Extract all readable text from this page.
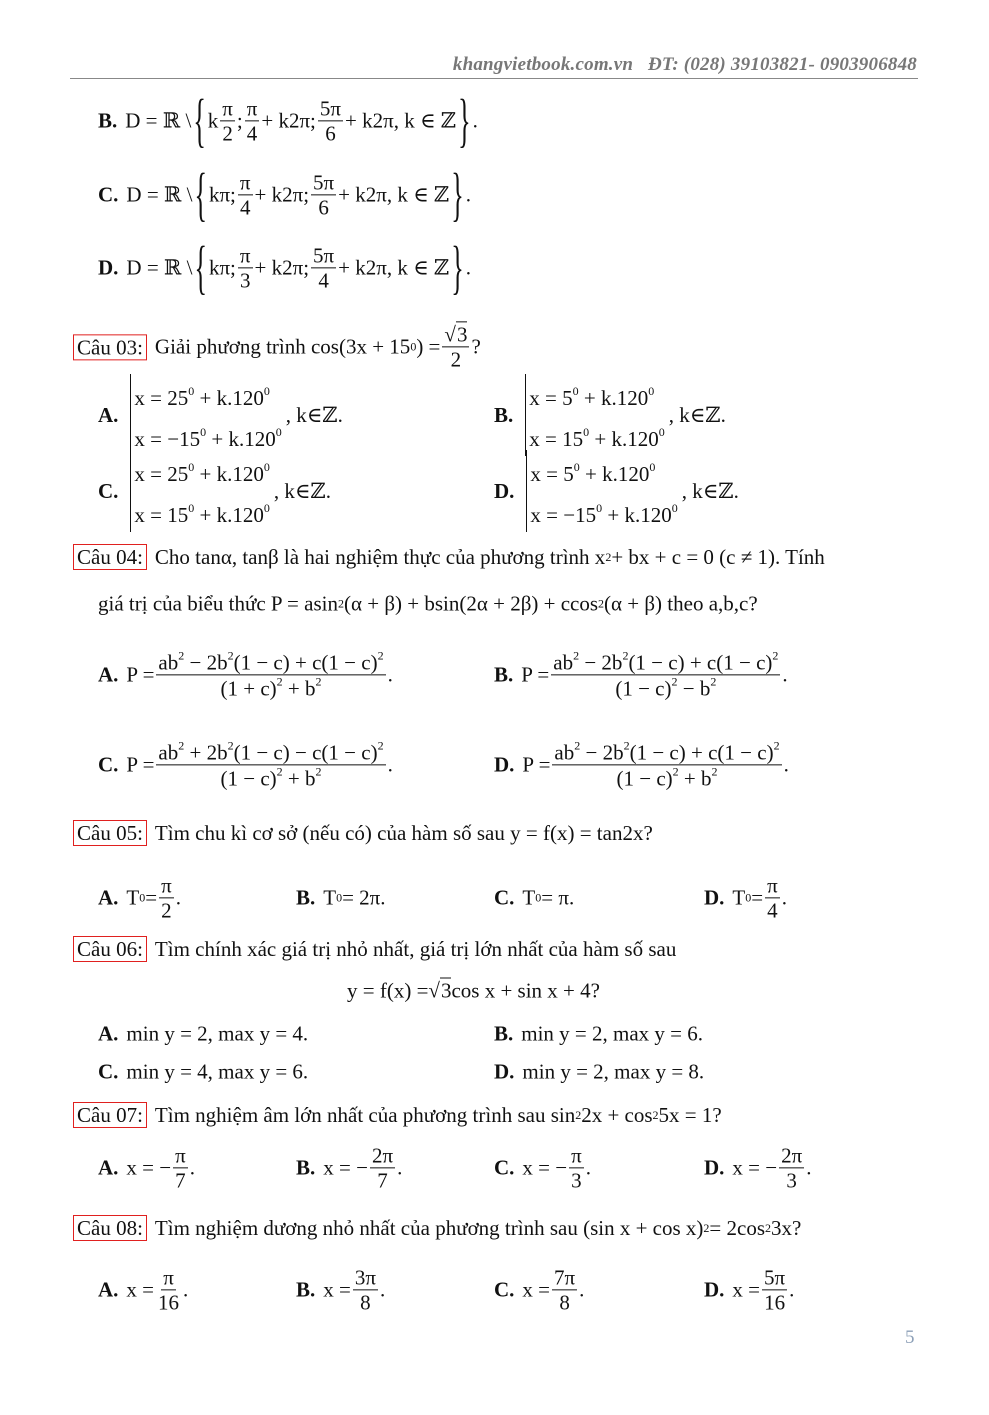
khangvietbook.com.vn ĐT: (028) 39103821- 0903906848
B. D = ℝ \ { k $\frac{\pi}{2}$ ; $\frac{\pi}{4} + k2\pi$; $\frac{5\pi}{6} + k2\pi$, k ∈ ℤ } .
C. D = ℝ \ { kπ; $\frac{\pi}{4} + k2\pi$; $\frac{5\pi}{6} + k2\pi$, k ∈ ℤ } .
D. D = ℝ \ { kπ; $\frac{\pi}{3} + k2\pi$; $\frac{5\pi}{4} + k2\pi$, k ∈ ℤ } .
Câu 03: Giải phương trình cos(3x + 15 0 ) = $\frac{√3}{2}$ ?
A.
$x = 25^0 + k.120^0$
$x = -15^0 + k.120^0$
, k∈ℤ.	B.
$x = 5^0 + k.120^0$
$x = 15^0 + k.120^0$
, k∈ℤ.
C.
$x = 25^0 + k.120^0$
$x = 15^0 + k.120^0$
, k∈ℤ.	D.
$x = 5^0 + k.120^0$
$x = -15^0 + k.120^0$
, k∈ℤ.
Câu 04: Cho tanα, tanβ là hai nghiệm thực của phương trình x 2 + bx + c = 0 (c ≠ 1). Tính
giá trị của biểu thức P = asin 2 (α + β) + bsin(2α + 2β) + ccos 2 (α + β) theo a,b,c?
A. $P = \frac{ab^2 - 2b^2(1 - c) + c(1 - c)^2}{(1 + c)^2 + b^2}$ .	B. $P = \frac{ab^2 - 2b^2(1 - c) + c(1 - c)^2}{(1 - c)^2 - b^2}$ .
C. $P = \frac{ab^2 + 2b^2(1 - c) - c(1 - c)^2}{(1 - c)^2 + b^2}$ .	D. $P = \frac{ab^2 - 2b^2(1 - c) + c(1 - c)^2}{(1 - c)^2 + b^2}$ .
Câu 05: Tìm chu kì cơ sở (nếu có) của hàm số sau y = f(x) = tan2x?
A. T $0 = \frac{\pi}{2}$ .	B. T 0 = 2π.	C. T 0 = π.	D. T $0 = \frac{\pi}{4}$ .
Câu 06: Tìm chính xác giá trị nhỏ nhất, giá trị lớn nhất của hàm số sau
y = f(x) = √3 cos x + sin x + 4?
A. min y = 2, max y = 4.	B. min y = 2, max y = 6.
C. min y = 4, max y = 6.	D. min y = 2, max y = 8.
Câu 07: Tìm nghiệm âm lớn nhất của phương trình sau sin 2 2x + cos 2 5x = 1?
A. x = − $\frac{\pi}{7}$ .	B. x = − $\frac{2\pi}{7}$ .	C. x = − $\frac{\pi}{3}$ .	D. x = − $\frac{2\pi}{3}$ .
Câu 08: Tìm nghiệm dương nhỏ nhất của phương trình sau (sin x + cos x) 2 = 2cos 2 3x?
A. $x = \frac{\pi}{16}$ .	B. $x = \frac{3\pi}{8}$ .	C. $x = \frac{7\pi}{8}$ .	D. $x = \frac{5\pi}{16}$ .
5
